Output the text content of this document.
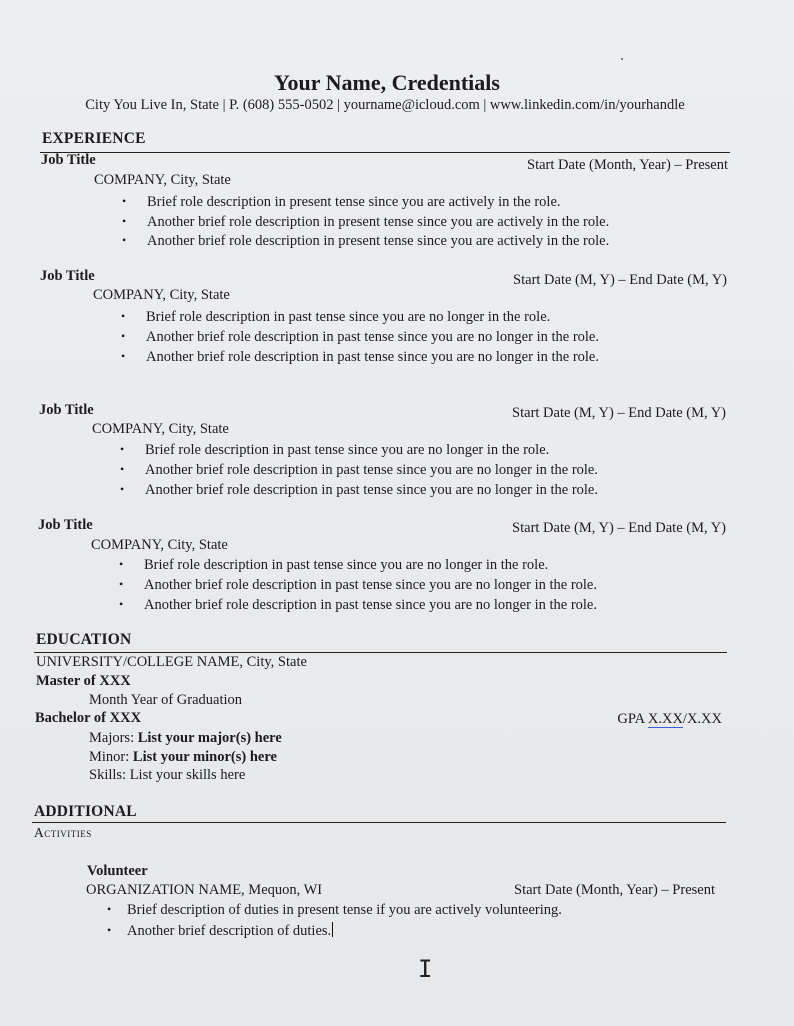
Your Name, Credentials
City You Live In, State | P. (608) 555-0502 | yourname@icloud.com | www.linkedin.com/in/yourhandle
EXPERIENCE
Job Title	Start Date (Month, Year) – Present
COMPANY, City, State
• Brief role description in present tense since you are actively in the role.
• Another brief role description in present tense since you are actively in the role.
• Another brief role description in present tense since you are actively in the role.
Job Title	Start Date (M, Y) – End Date (M, Y)
COMPANY, City, State
• Brief role description in past tense since you are no longer in the role.
• Another brief role description in past tense since you are no longer in the role.
• Another brief role description in past tense since you are no longer in the role.
Job Title	Start Date (M, Y) – End Date (M, Y)
COMPANY, City, State
• Brief role description in past tense since you are no longer in the role.
• Another brief role description in past tense since you are no longer in the role.
• Another brief role description in past tense since you are no longer in the role.
Job Title	Start Date (M, Y) – End Date (M, Y)
COMPANY, City, State
• Brief role description in past tense since you are no longer in the role.
• Another brief role description in past tense since you are no longer in the role.
• Another brief role description in past tense since you are no longer in the role.
EDUCATION
UNIVERSITY/COLLEGE NAME, City, State
Master of XXX
Month Year of Graduation
Bachelor of XXX	GPA X.XX/X.XX
Majors: List your major(s) here
Minor: List your minor(s) here
Skills: List your skills here
ADDITIONAL
Activities
Volunteer
ORGANIZATION NAME, Mequon, WI	Start Date (Month, Year) – Present
• Brief description of duties in present tense if you are actively volunteering.
• Another brief description of duties.
I
